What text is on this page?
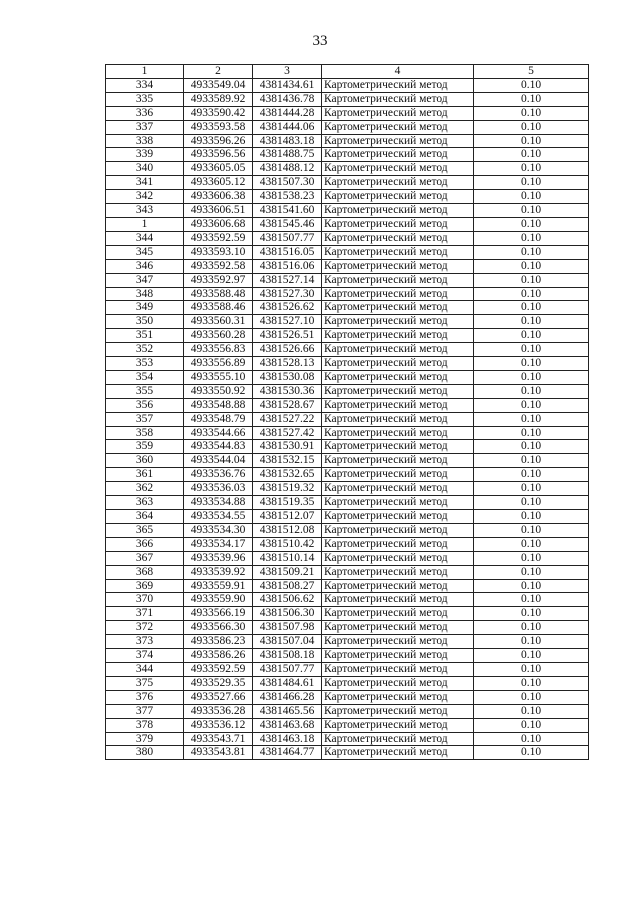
33
1	2	3	4	5
334	4933549.04	4381434.61	Картометрический метод	0.10
335	4933589.92	4381436.78	Картометрический метод	0.10
336	4933590.42	4381444.28	Картометрический метод	0.10
337	4933593.58	4381444.06	Картометрический метод	0.10
338	4933596.26	4381483.18	Картометрический метод	0.10
339	4933596.56	4381488.75	Картометрический метод	0.10
340	4933605.05	4381488.12	Картометрический метод	0.10
341	4933605.12	4381507.30	Картометрический метод	0.10
342	4933606.38	4381538.23	Картометрический метод	0.10
343	4933606.51	4381541.60	Картометрический метод	0.10
1	4933606.68	4381545.46	Картометрический метод	0.10
344	4933592.59	4381507.77	Картометрический метод	0.10
345	4933593.10	4381516.05	Картометрический метод	0.10
346	4933592.58	4381516.06	Картометрический метод	0.10
347	4933592.97	4381527.14	Картометрический метод	0.10
348	4933588.48	4381527.30	Картометрический метод	0.10
349	4933588.46	4381526.62	Картометрический метод	0.10
350	4933560.31	4381527.10	Картометрический метод	0.10
351	4933560.28	4381526.51	Картометрический метод	0.10
352	4933556.83	4381526.66	Картометрический метод	0.10
353	4933556.89	4381528.13	Картометрический метод	0.10
354	4933555.10	4381530.08	Картометрический метод	0.10
355	4933550.92	4381530.36	Картометрический метод	0.10
356	4933548.88	4381528.67	Картометрический метод	0.10
357	4933548.79	4381527.22	Картометрический метод	0.10
358	4933544.66	4381527.42	Картометрический метод	0.10
359	4933544.83	4381530.91	Картометрический метод	0.10
360	4933544.04	4381532.15	Картометрический метод	0.10
361	4933536.76	4381532.65	Картометрический метод	0.10
362	4933536.03	4381519.32	Картометрический метод	0.10
363	4933534.88	4381519.35	Картометрический метод	0.10
364	4933534.55	4381512.07	Картометрический метод	0.10
365	4933534.30	4381512.08	Картометрический метод	0.10
366	4933534.17	4381510.42	Картометрический метод	0.10
367	4933539.96	4381510.14	Картометрический метод	0.10
368	4933539.92	4381509.21	Картометрический метод	0.10
369	4933559.91	4381508.27	Картометрический метод	0.10
370	4933559.90	4381506.62	Картометрический метод	0.10
371	4933566.19	4381506.30	Картометрический метод	0.10
372	4933566.30	4381507.98	Картометрический метод	0.10
373	4933586.23	4381507.04	Картометрический метод	0.10
374	4933586.26	4381508.18	Картометрический метод	0.10
344	4933592.59	4381507.77	Картометрический метод	0.10
375	4933529.35	4381484.61	Картометрический метод	0.10
376	4933527.66	4381466.28	Картометрический метод	0.10
377	4933536.28	4381465.56	Картометрический метод	0.10
378	4933536.12	4381463.68	Картометрический метод	0.10
379	4933543.71	4381463.18	Картометрический метод	0.10
380	4933543.81	4381464.77	Картометрический метод	0.10
